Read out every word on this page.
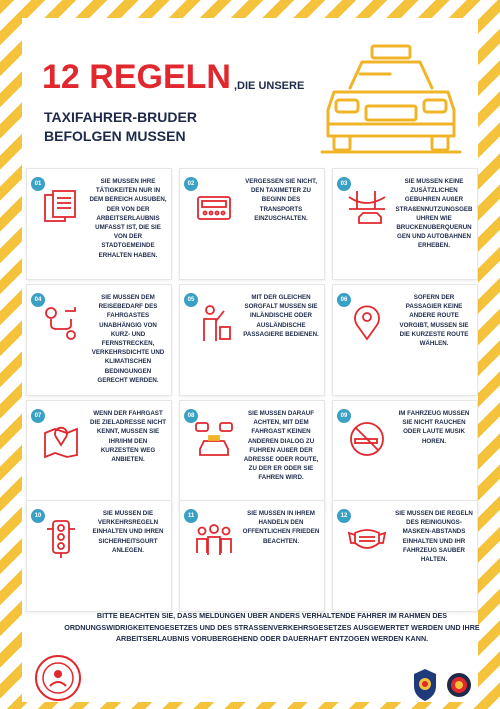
12 REGELN ,DIE UNSERE
TAXIFAHRER-BRUDER
BEFOLGEN MUSSEN
01	SIE MUSSEN IHRE TÄTIGKEITEN NUR IN DEM BEREICH AUSUBEN, DER VON DER ARBEITSERLAUBNIS UMFASST IST, DIE SIE VON DER STADTGEMEINDE ERHALTEN HABEN.
02	VERGESSEN SIE NICHT, DEN TAXIMETER ZU BEGINN DES TRANSPORTS EINZUSCHALTEN.
03	SIE MUSSEN KEINE ZUSÄTZLICHEN GEBUHREN AUßER STRAßENNUTZUNGSGEB UHREN WIE BRUCKENUBERQUERUN GEN UND AUTOBAHNEN ERHEBEN.
04	SIE MUSSEN DEM REISEBEDARF DES FAHRGASTES UNABHÄNGIG VON KURZ- UND FERNSTRECKEN, VERKEHRSDICHTE UND KLIMATISCHEN BEDINGUNGEN GERECHT WERDEN.
05	MIT DER GLEICHEN SORGFALT MUSSEN SIE INLÄNDISCHE ODER AUSLÄNDISCHE PASSAGIERE BEDIENEN.
06	SOFERN DER PASSAGIER KEINE ANDERE ROUTE VORGIBT, MUSSEN SIE DIE KURZESTE ROUTE WÄHLEN.
07	WENN DER FAHRGAST DIE ZIELADRESSE NICHT KENNT, MUSSEN SIE IHR/IHM DEN KURZESTEN WEG ANBIETEN.
08	SIE MUSSEN DARAUF ACHTEN, MIT DEM FAHRGAST KEINEN ANDEREN DIALOG ZU FUHREN AUßER DER ADRESSE ODER ROUTE, ZU DER ER ODER SIE FAHREN WIRD.
09	IM FAHRZEUG MUSSEN SIE NICHT RAUCHEN ODER LAUTE MUSIK HOREN.
10	SIE MUSSEN DIE VERKEHRSREGELN EINHALTEN UND IHREN SICHERHEITSGURT ANLEGEN.
11	SIE MUSSEN IN IHREM HANDELN DEN OFFENTLICHEN FRIEDEN BEACHTEN.
12	SIE MUSSEN DIE REGELN DES REINIGUNGS-MASKEN-ABSTANDS EINHALTEN UND IHR FAHRZEUG SAUBER HALTEN.
BITTE BEACHTEN SIE, DASS MELDUNGEN UBER ANDERS VERHALTENDE FAHRER IM RAHMEN DES ORDNUNGSWIDRIGKEITENGESETZES UND DES STRASSENVERKEHRSGESETZES AUSGEWERTET WERDEN UND IHRE ARBEITSERLAUBNIS VORUBERGEHEND ODER DAUERHAFT ENTZOGEN WERDEN KANN.
